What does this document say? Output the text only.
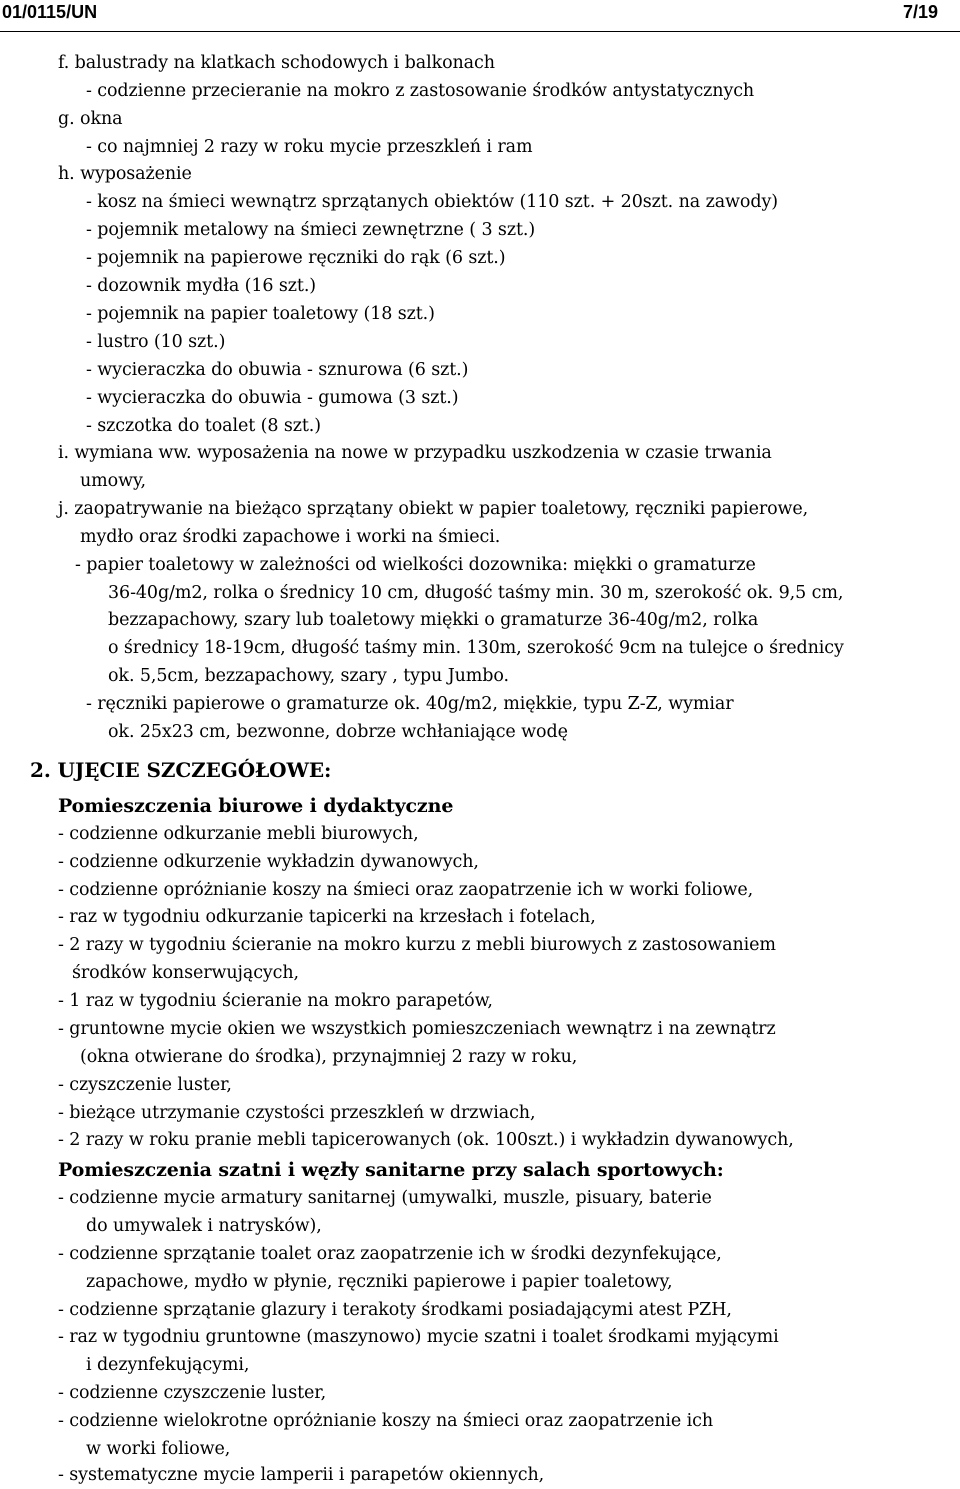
01/0115/UN	7/19
f. balustrady na klatkach schodowych i balkonach
- codzienne przecieranie na mokro z zastosowanie środków antystatycznych
g. okna
- co najmniej 2 razy w roku mycie przeszkleń i ram
h. wyposażenie
- kosz na śmieci wewnątrz sprzątanych obiektów (110 szt. + 20szt. na zawody)
- pojemnik metalowy na śmieci zewnętrzne ( 3 szt.)
- pojemnik na papierowe ręczniki do rąk (6 szt.)
- dozownik mydła (16 szt.)
- pojemnik na papier toaletowy (18 szt.)
- lustro (10 szt.)
- wycieraczka do obuwia - sznurowa (6 szt.)
- wycieraczka do obuwia - gumowa (3 szt.)
- szczotka do toalet (8 szt.)
i. wymiana ww. wyposażenia na nowe w przypadku uszkodzenia w czasie trwania
umowy,
j. zaopatrywanie na bieżąco sprzątany obiekt w papier toaletowy, ręczniki papierowe,
mydło oraz środki zapachowe i worki na śmieci.
- papier toaletowy w zależności od wielkości dozownika: miękki o gramaturze
36-40g/m2, rolka o średnicy 10 cm, długość taśmy min. 30 m, szerokość ok. 9,5 cm,
bezzapachowy, szary lub toaletowy miękki o gramaturze 36-40g/m2, rolka
o średnicy 18-19cm, długość taśmy min. 130m, szerokość 9cm na tulejce o średnicy
ok. 5,5cm, bezzapachowy, szary , typu Jumbo.
- ręczniki papierowe o gramaturze ok. 40g/m2, miękkie, typu Z-Z, wymiar
ok. 25x23 cm, bezwonne, dobrze wchłaniające wodę
2. UJĘCIE SZCZEGÓŁOWE:
Pomieszczenia biurowe i dydaktyczne
- codzienne odkurzanie mebli biurowych,
- codzienne odkurzenie wykładzin dywanowych,
- codzienne opróżnianie koszy na śmieci oraz zaopatrzenie ich w worki foliowe,
- raz w tygodniu odkurzanie tapicerki na krzesłach i fotelach,
- 2 razy w tygodniu ścieranie na mokro kurzu z mebli biurowych z zastosowaniem
środków konserwujących,
- 1 raz w tygodniu ścieranie na mokro parapetów,
- gruntowne mycie okien we wszystkich pomieszczeniach wewnątrz i na zewnątrz
(okna otwierane do środka), przynajmniej 2 razy w roku,
- czyszczenie luster,
- bieżące utrzymanie czystości przeszkleń w drzwiach,
- 2 razy w roku pranie mebli tapicerowanych (ok. 100szt.) i wykładzin dywanowych,
Pomieszczenia szatni i węzły sanitarne przy salach sportowych:
- codzienne mycie armatury sanitarnej (umywalki, muszle, pisuary, baterie
do umywalek i natrysków),
- codzienne sprzątanie toalet oraz zaopatrzenie ich w środki dezynfekujące,
zapachowe, mydło w płynie, ręczniki papierowe i papier toaletowy,
- codzienne sprzątanie glazury i terakoty środkami posiadającymi atest PZH,
- raz w tygodniu gruntowne (maszynowo) mycie szatni i toalet środkami myjącymi
i dezynfekującymi,
- codzienne czyszczenie luster,
- codzienne wielokrotne opróżnianie koszy na śmieci oraz zaopatrzenie ich
w worki foliowe,
- systematyczne mycie lamperii i parapetów okiennych,
